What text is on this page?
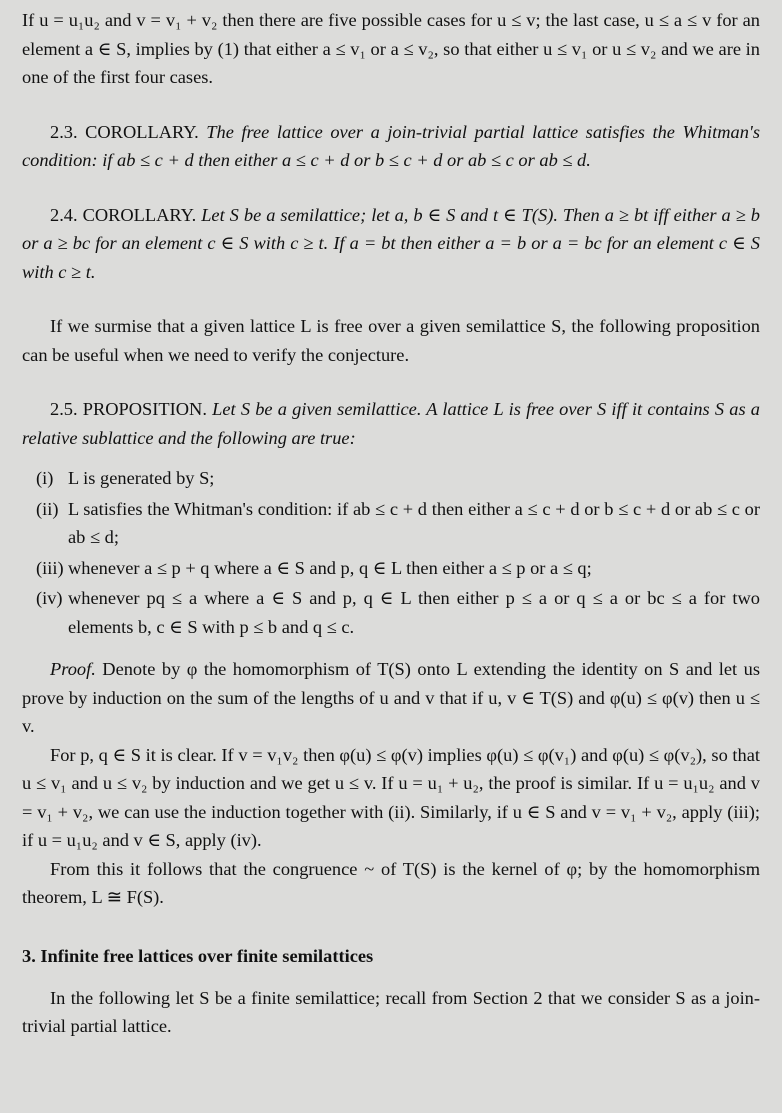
If u = u₁u₂ and v = v₁ + v₂ then there are five possible cases for u ≤ v; the last case, u ≤ a ≤ v for an element a ∈ S, implies by (1) that either a ≤ v₁ or a ≤ v₂, so that either u ≤ v₁ or u ≤ v₂ and we are in one of the first four cases.

2.3. COROLLARY. The free lattice over a join-trivial partial lattice satisfies the Whitman's condition: if ab ≤ c + d then either a ≤ c + d or b ≤ c + d or ab ≤ c or ab ≤ d.

2.4. COROLLARY. Let S be a semilattice; let a, b ∈ S and t ∈ T(S). Then a ≥ bt iff either a ≥ b or a ≥ bc for an element c ∈ S with c ≥ t. If a = bt then either a = b or a = bc for an element c ∈ S with c ≥ t.

If we surmise that a given lattice L is free over a given semilattice S, the following proposition can be useful when we need to verify the conjecture.

2.5. PROPOSITION. Let S be a given semilattice. A lattice L is free over S iff it contains S as a relative sublattice and the following are true:

(i) L is generated by S;
(ii) L satisfies the Whitman's condition: if ab ≤ c + d then either a ≤ c + d or b ≤ c + d or ab ≤ c or ab ≤ d;
(iii) whenever a ≤ p + q where a ∈ S and p, q ∈ L then either a ≤ p or a ≤ q;
(iv) whenever pq ≤ a where a ∈ S and p, q ∈ L then either p ≤ a or q ≤ a or bc ≤ a for two elements b, c ∈ S with p ≤ b and q ≤ c.

Proof. Denote by φ the homomorphism of T(S) onto L extending the identity on S and let us prove by induction on the sum of the lengths of u and v that if u, v ∈ T(S) and φ(u) ≤ φ(v) then u ≤ v.

For p, q ∈ S it is clear. If v = v₁v₂ then φ(u) ≤ φ(v) implies φ(u) ≤ φ(v₁) and φ(u) ≤ φ(v₂), so that u ≤ v₁ and u ≤ v₂ by induction and we get u ≤ v. If u = u₁ + u₂, the proof is similar. If u = u₁u₂ and v = v₁ + v₂, we can use the induction together with (ii). Similarly, if u ∈ S and v = v₁ + v₂, apply (iii); if u = u₁u₂ and v ∈ S, apply (iv).

From this it follows that the congruence ~ of T(S) is the kernel of φ; by the homomorphism theorem, L ≅ F(S).

3. Infinite free lattices over finite semilattices

In the following let S be a finite semilattice; recall from Section 2 that we consider S as a join-trivial partial lattice.
